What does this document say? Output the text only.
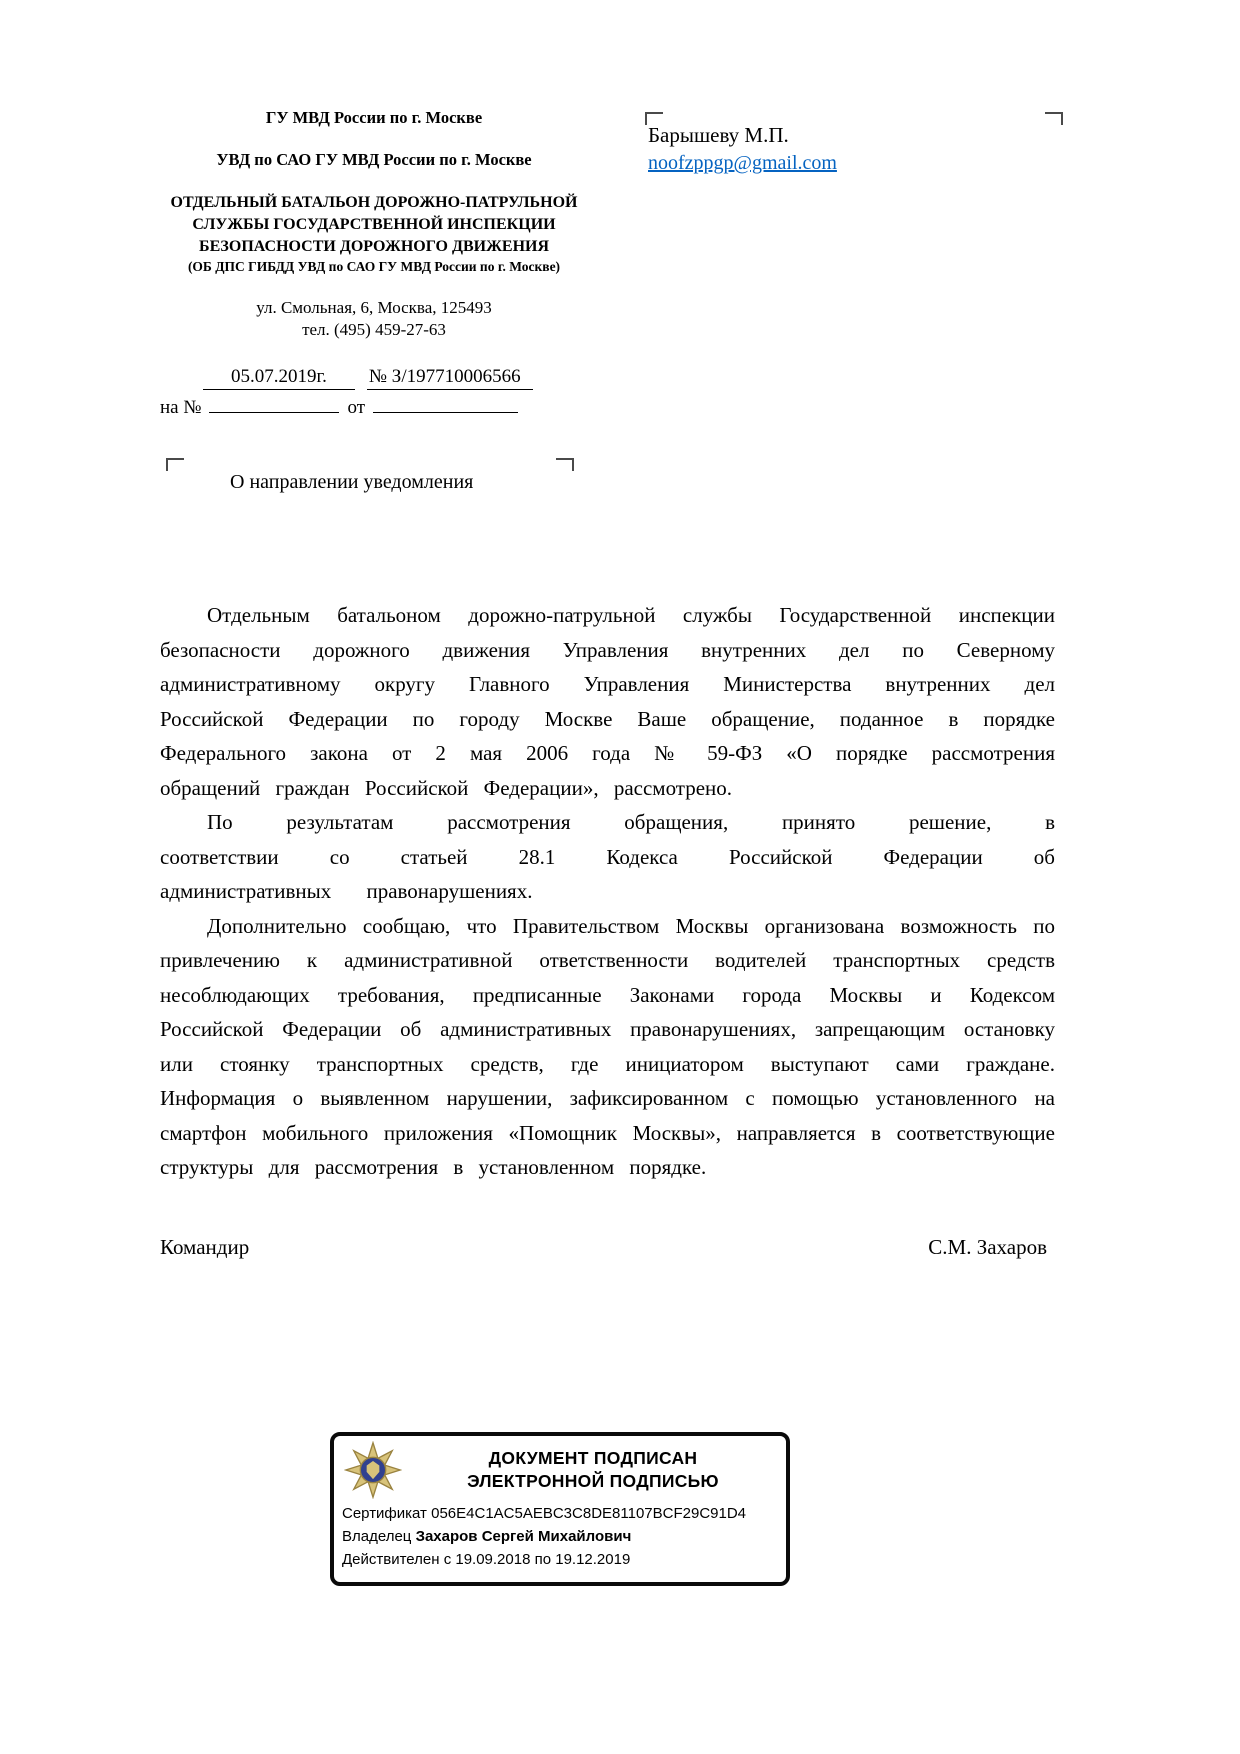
ГУ МВД России по г. Москве
УВД по САО ГУ МВД России по г. Москве
ОТДЕЛЬНЫЙ БАТАЛЬОН ДОРОЖНО-ПАТРУЛЬНОЙ СЛУЖБЫ ГОСУДАРСТВЕННОЙ ИНСПЕКЦИИ БЕЗОПАСНОСТИ ДОРОЖНОГО ДВИЖЕНИЯ
(ОБ ДПС ГИБДД УВД по САО ГУ МВД России по г. Москве)
ул. Смольная, 6, Москва, 125493
тел. (495) 459-27-63
05.07.2019г. № З/197710006566
на №	от
Барышеву М.П.
noofzppgp@gmail.com
О направлении уведомления

Отдельным батальоном дорожно-патрульной службы Государственной инспекции безопасности дорожного движения Управления внутренних дел по Северному административному округу Главного Управления Министерства внутренних дел Российской Федерации по городу Москве Ваше обращение, поданное в порядке Федерального закона от 2 мая 2006 года № 59-ФЗ «О порядке рассмотрения обращений граждан Российской Федерации», рассмотрено.

По результатам рассмотрения обращения, принято решение, в соответствии со статьей 28.1 Кодекса Российской Федерации об административных правонарушениях.

Дополнительно сообщаю, что Правительством Москвы организована возможность по привлечению к административной ответственности водителей транспортных средств несоблюдающих требования, предписанные Законами города Москвы и Кодексом Российской Федерации об административных правонарушениях, запрещающим остановку или стоянку транспортных средств, где инициатором выступают сами граждане. Информация о выявленном нарушении, зафиксированном с помощью установленного на смартфон мобильного приложения «Помощник Москвы», направляется в соответствующие структуры для рассмотрения в установленном порядке.

Командир	С.М. Захаров
ДОКУМЕНТ ПОДПИСАН
ЭЛЕКТРОННОЙ ПОДПИСЬЮ
Сертификат 056E4C1AC5AEBC3C8DE81107BCF29C91D4
Владелец Захаров Сергей Михайлович
Действителен с 19.09.2018 по 19.12.2019
